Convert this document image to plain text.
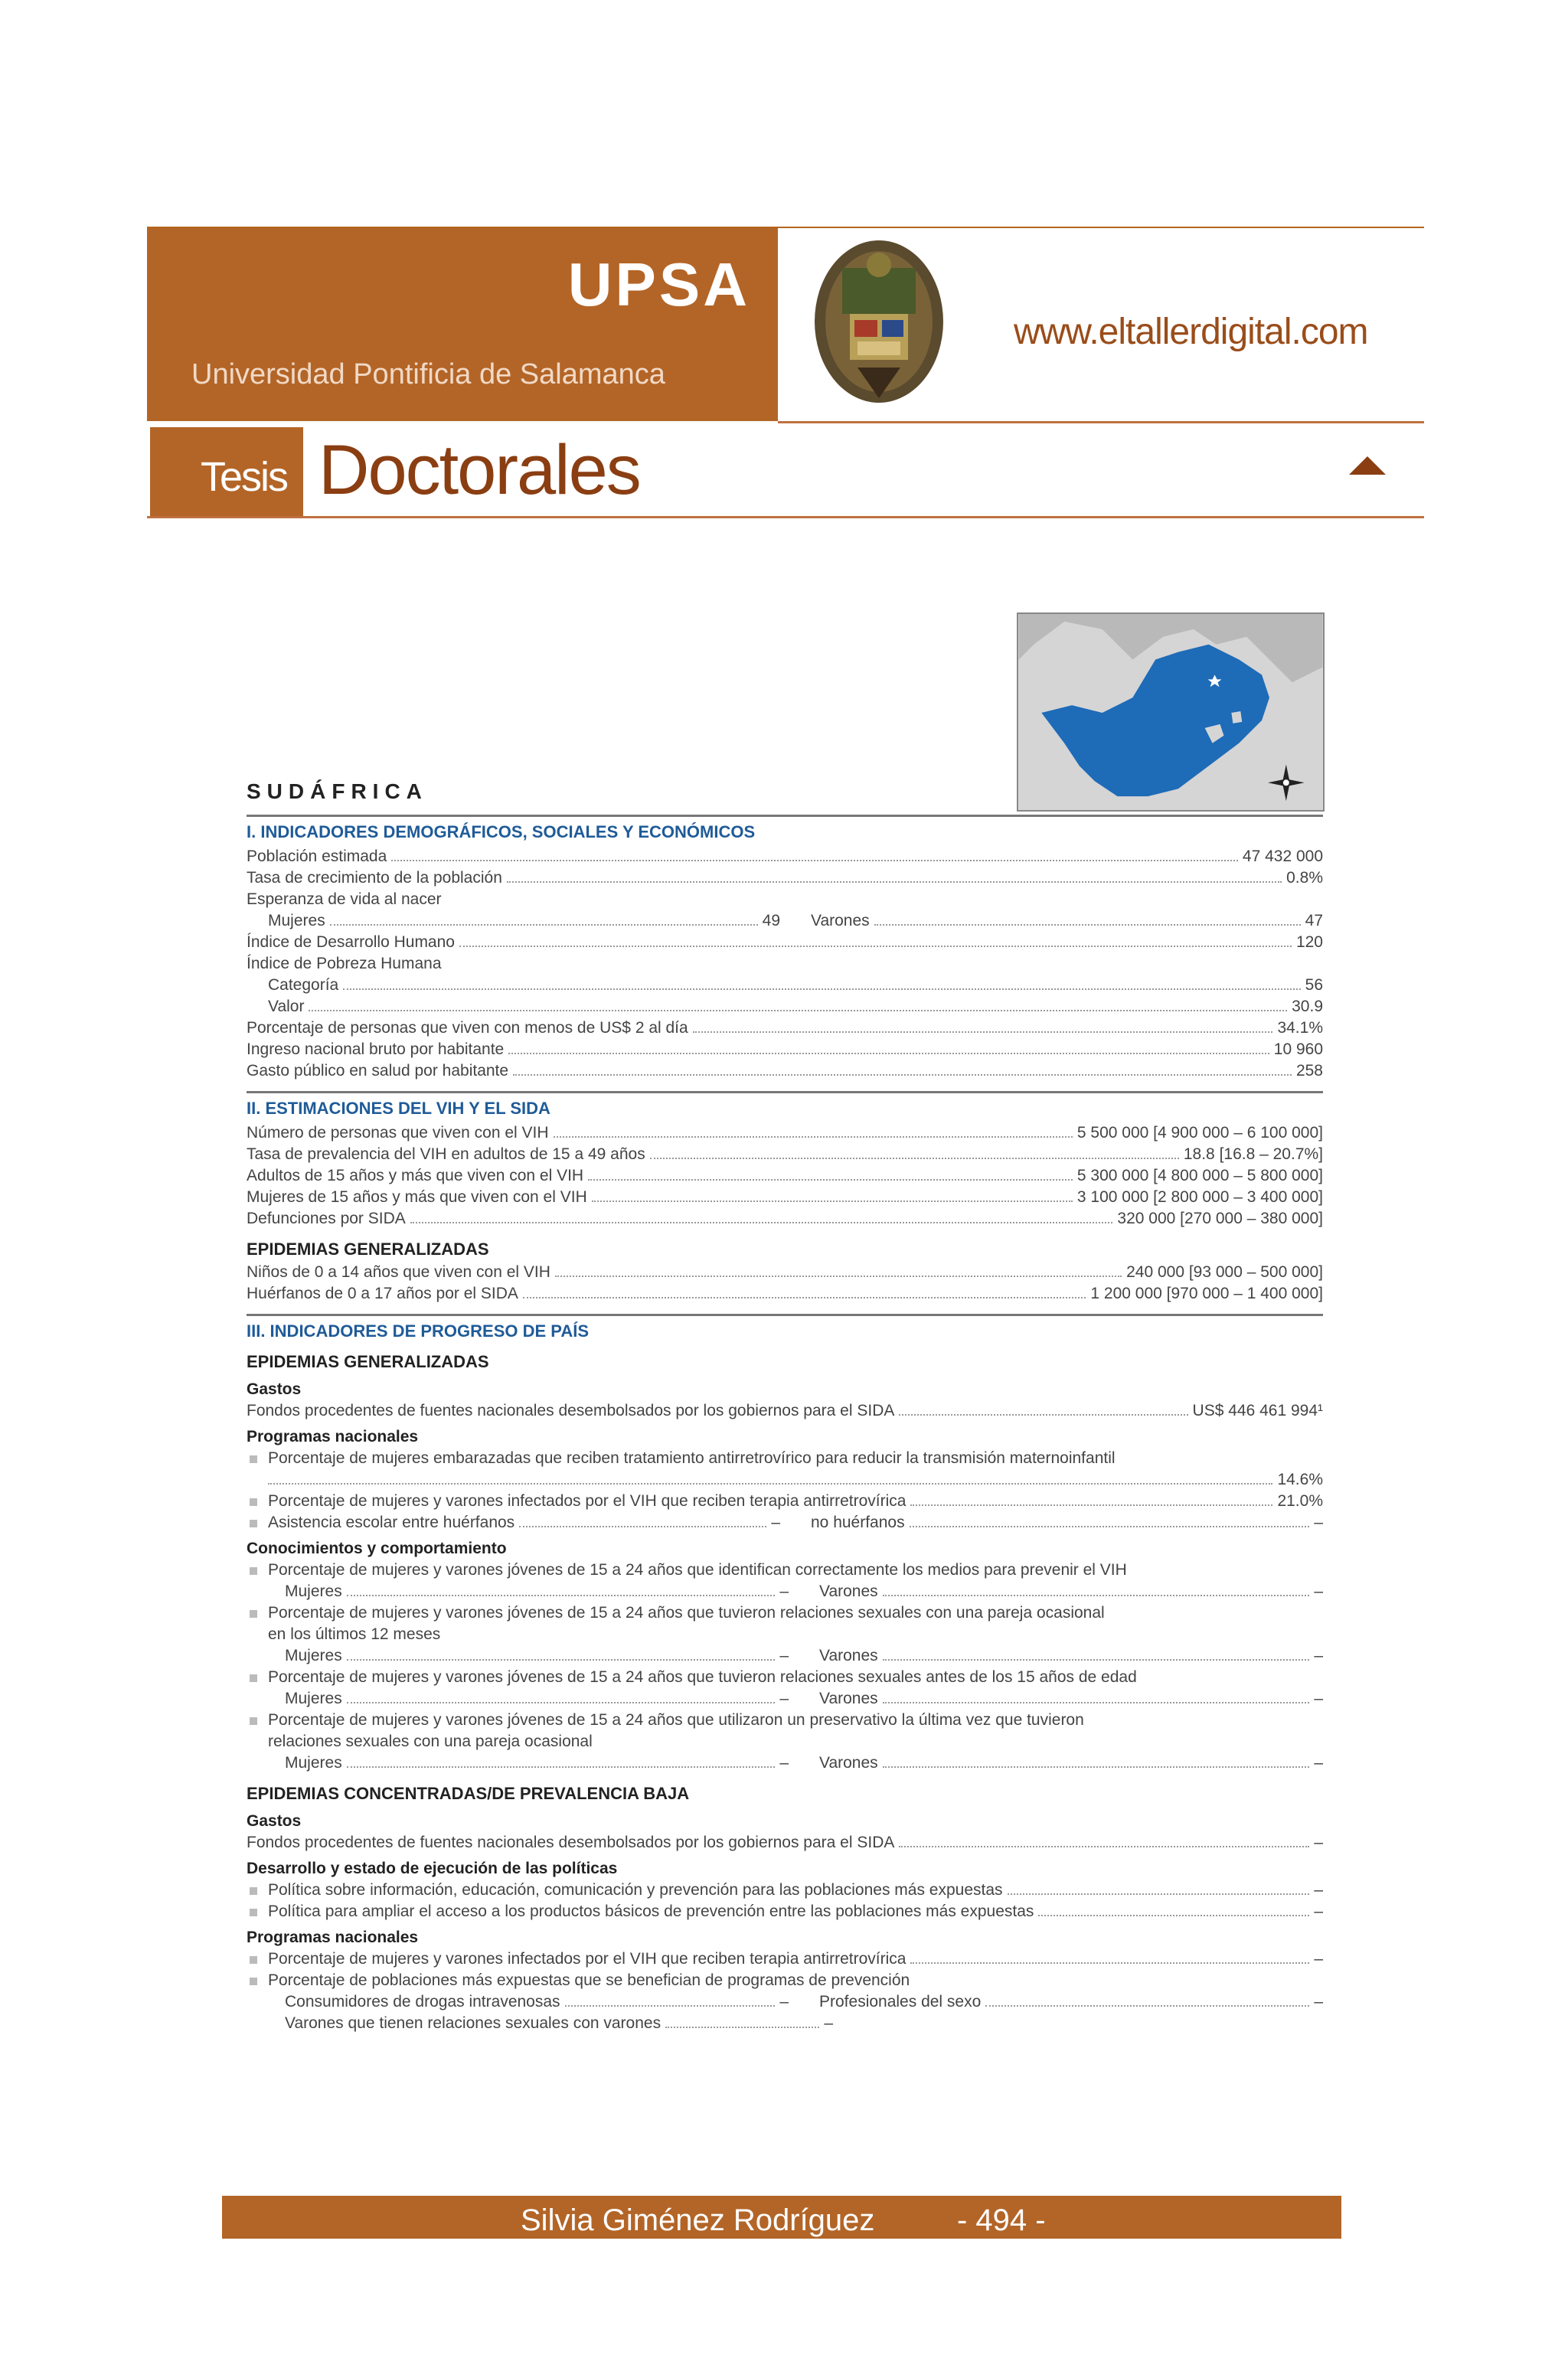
UPSA
Universidad Pontificia de Salamanca
www.eltallerdigital.com
Tesis Doctorales
SUDÁFRICA
I. INDICADORES DEMOGRÁFICOS, SOCIALES Y ECONÓMICOS
Población estimada	47 432 000
Tasa de crecimiento de la población	0.8%
Esperanza de vida al nacer
Mujeres	49 Varones	47
Índice de Desarrollo Humano	120
Índice de Pobreza Humana
Categoría	56
Valor	30.9
Porcentaje de personas que viven con menos de US$ 2 al día	34.1%
Ingreso nacional bruto por habitante	10 960
Gasto público en salud por habitante	258
II. ESTIMACIONES DEL VIH Y EL SIDA
Número de personas que viven con el VIH	5 500 000 [4 900 000 – 6 100 000]
Tasa de prevalencia del VIH en adultos de 15 a 49 años	18.8 [16.8 – 20.7%]
Adultos de 15 años y más que viven con el VIH	5 300 000 [4 800 000 – 5 800 000]
Mujeres de 15 años y más que viven con el VIH	3 100 000 [2 800 000 – 3 400 000]
Defunciones por SIDA	320 000 [270 000 – 380 000]
EPIDEMIAS GENERALIZADAS
Niños de 0 a 14 años que viven con el VIH	240 000 [93 000 – 500 000]
Huérfanos de 0 a 17 años por el SIDA	1 200 000 [970 000 – 1 400 000]
III. INDICADORES DE PROGRESO DE PAÍS
EPIDEMIAS GENERALIZADAS
Gastos
Fondos procedentes de fuentes nacionales desembolsados por los gobiernos para el SIDA	US$ 446 461 994¹
Programas nacionales
Porcentaje de mujeres embarazadas que reciben tratamiento antirretrovírico para reducir la transmisión maternoinfantil
14.6%
Porcentaje de mujeres y varones infectados por el VIH que reciben terapia antirretrovírica	21.0%
Asistencia escolar entre huérfanos	– no huérfanos	–
Conocimientos y comportamiento
Porcentaje de mujeres y varones jóvenes de 15 a 24 años que identifican correctamente los medios para prevenir el VIH
Mujeres	– Varones	–
Porcentaje de mujeres y varones jóvenes de 15 a 24 años que tuvieron relaciones sexuales con una pareja ocasional
en los últimos 12 meses
Mujeres	– Varones	–
Porcentaje de mujeres y varones jóvenes de 15 a 24 años que tuvieron relaciones sexuales antes de los 15 años de edad
Mujeres	– Varones	–
Porcentaje de mujeres y varones jóvenes de 15 a 24 años que utilizaron un preservativo la última vez que tuvieron
relaciones sexuales con una pareja ocasional
Mujeres	– Varones	–
EPIDEMIAS CONCENTRADAS/DE PREVALENCIA BAJA
Gastos
Fondos procedentes de fuentes nacionales desembolsados por los gobiernos para el SIDA	–
Desarrollo y estado de ejecución de las políticas
Política sobre información, educación, comunicación y prevención para las poblaciones más expuestas	–
Política para ampliar el acceso a los productos básicos de prevención entre las poblaciones más expuestas	–
Programas nacionales
Porcentaje de mujeres y varones infectados por el VIH que reciben terapia antirretrovírica	–
Porcentaje de poblaciones más expuestas que se benefician de programas de prevención
Consumidores de drogas intravenosas	– Profesionales del sexo	–
Varones que tienen relaciones sexuales con varones	–
Silvia Giménez Rodríguez	- 494 -
